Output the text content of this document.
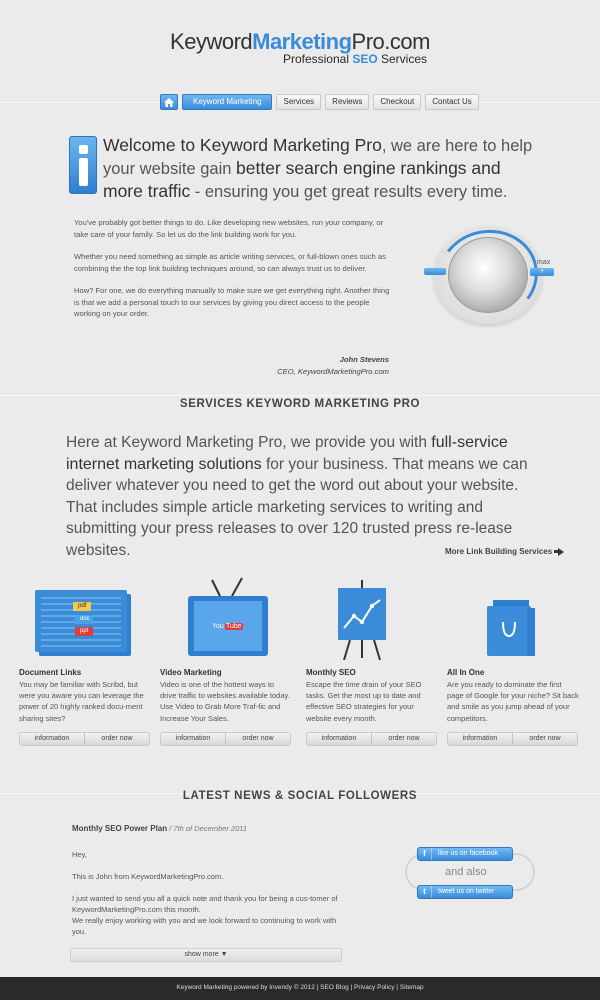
KeywordMarketingPro.com
Professional SEO Services
Keyword Marketing	Services	Reviews	Checkout	Contact Us
Welcome to Keyword Marketing Pro, we are here to help your website gain better search engine rankings and more traffic - ensuring you get great results every time.

You've probably got better things to do. Like developing new websites, run your company, or take care of your family. So let us do the link building work for you.

Whether you need something as simple as article writing services, or full-blown ones such as combining the the top link building techniques around, so can always trust us to deliver.

How? For one, we do everything manually to make sure we get everything right. Another thing is that we add a personal touch to our services by giving you direct access to the people working on your order.

John Stevens
CEO, KeywordMarketingPro.com
max
+
SERVICES KEYWORD MARKETING PRO
Here at Keyword Marketing Pro, we provide you with full-service internet marketing solutions for your business. That means we can deliver whatever you need to get the word out about your website. That includes simple article marketing services to writing and submitting your press releases to over 120 trusted press re-lease websites.	More Link Building Services
pdf
doc
ppt
Document Links
You may be familiar with Scribd, but were you aware you can leverage the power of 20 highly ranked docu-ment sharing sites?
information	order now
You Tube
Video Marketing
Video is one of the hottest ways to drive traffic to websites available today. Use Video to Grab More Traf-fic and Increase Your Sales.
information	order now
Monthly SEO
Escape the time drain of your SEO tasks. Get the most up to date and effective SEO strategies for your website every month.
information	order now
All In One
Are you ready to dominate the first page of Google for your niche? Sit back and smile as you jump ahead of your competitors.
information	order now
LATEST NEWS & SOCIAL FOLLOWERS
Monthly SEO Power Plan / 7th of December 2011

Hey,

This is John from KeywordMarketingPro.com.

I just wanted to send you all a quick note and thank you for being a cus-tomer of KeywordMarketingPro.com this month.

We really enjoy working with you and we look forward to continuing to work with you.

show more ▼
f	like us on facebook
and also
t	tweet us on twitter
Keyword Marketing powered by Invendy © 2012 | SEO Blog | Privacy Policy | Sitemap
